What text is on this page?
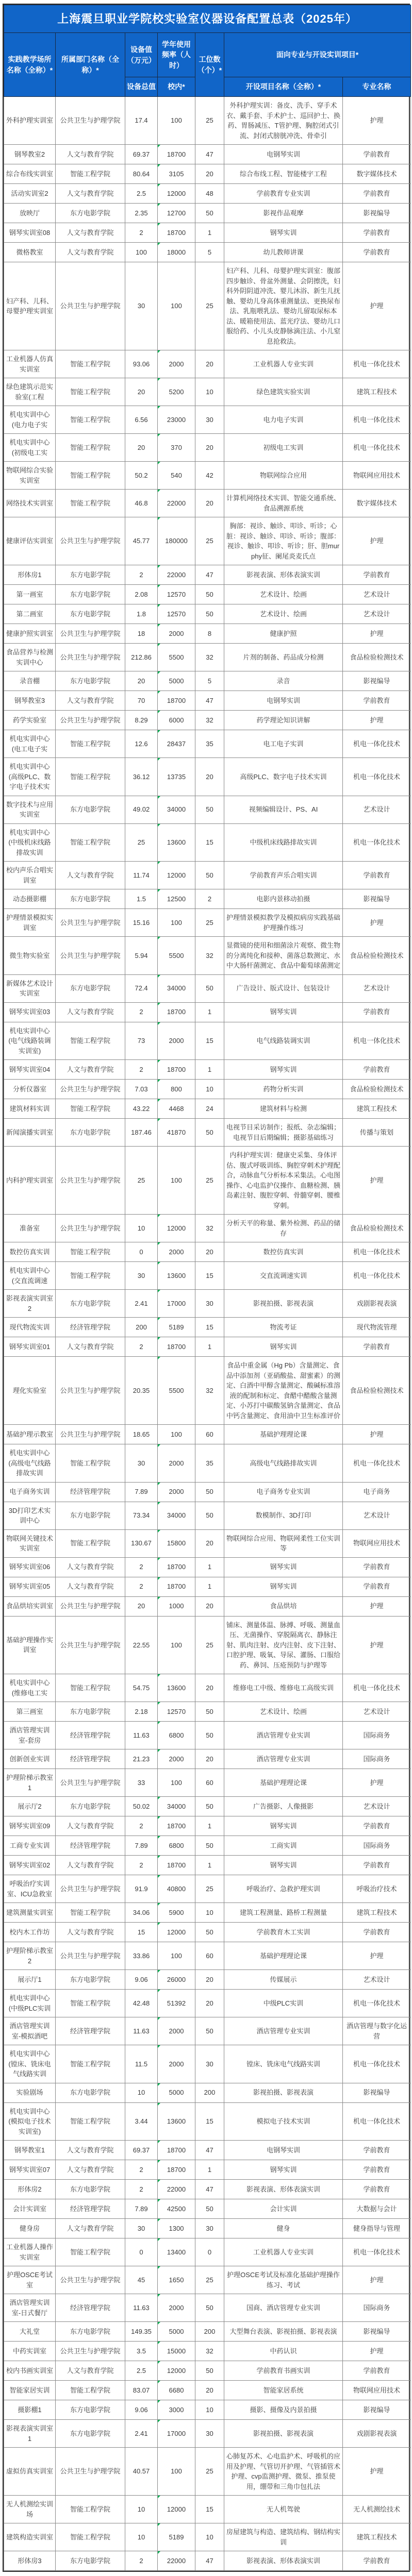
上海震旦职业学院校实验室仪器设备配置总表（2025年）						
实践教学场所名称（全称）*	所属部门名称（全称）*	设备值（万元）	学年使用频率（人时）	工位数（个）*	面向专业与开设实训项目*	
		设备总值	校内*		开设项目名称（全称）*	专业名称
外科护理实训室	公共卫生与护理学院	17.4	100	25	外科护理实训：备皮、洗手、穿手术衣、戴手套、手术护士、巡回护士、换药、胃肠减压、T管护理、胸腔闭式引流、封闭式膀胱冲洗、骨牵引	护理
钢琴教室2	人文与教育学院	69.37	18700	47	电钢琴实训	学前教育
综合布线实训室	智能工程学院	80.64	3105	20	综合布线工程、智能楼宇工程	数字媒体技术
活动实训室2	人文与教育学院	2.5	12000	48	学前教育专业实训	学前教育
放映厅	东方电影学院	2.35	12700	50	影视作品观摩	影视编导
钢琴实训室08	人文与教育学院	2	18700	1	钢琴实训	学前教育
微格教室	人文与教育学院	100	18000	5	幼儿教师讲课	学前教育
妇产科、儿科、母婴护理实训室	公共卫生与护理学院	30	100	25	妇产科、儿科、母婴护理实训室：腹部四步触诊、骨盆外测量、会阴擦洗，妇科外阴阴道冲洗、婴儿沐浴、新生儿抚触、婴幼儿身高体重测量法、更换尿布法、乳瓶喂乳法、婴幼儿留取尿标本法、暖箱使用法、蓝光疗法、婴幼儿口服给药、小儿头皮静脉滴注法、小儿窒息抢救法。	护理
工业机器人仿真实训室	智能工程学院	93.06	2000	20	工业机器人专业实训	机电一体化技术
绿色建筑示范实验室(工程	智能工程学院	20	5200	10	绿色建筑实验实训	建筑工程技术
机电实训中心(电力电子实	智能工程学院	6.56	23000	30	电力电子实训	机电一体化技术
机电实训中心(初级电工实	智能工程学院	20	370	20	初级电工实训	机电一体化技术
物联网综合实验实训室	智能工程学院	50.2	540	42	物联网综合应用	物联网应用技术
网络技术实训室	智能工程学院	46.8	22000	20	计算机网络技术实训、智能交通系统、食品溯源系统	数字媒体技术
健康评估实训室	公共卫生与护理学院	45.77	180000	25	胸部：视诊、触诊、叩诊、听诊；心脏：视诊、触诊、叩诊、听诊；腹部：视诊、触诊、叩诊、听诊；肝、胆murphy征、阑尾炎麦氏点	护理
形体房1	东方电影学院	2	22000	47	影视表演、形体表演实训	学前教育
第一画室	东方电影学院	2.08	12570	50	艺术设计、绘画	艺术设计
第二画室	东方电影学院	1.8	12570	50	艺术设计、绘画	艺术设计
健康护照实训室	公共卫生与护理学院	18	2000	8	健康护照	护理
食品营养与检测实训中心	公共卫生与护理学院	212.86	5500	32	片剂的制备、药品成分检测	食品检验检测技术
录音棚	东方电影学院	20	5000	5	录音	影视编导
钢琴教室3	人文与教育学院	70	18700	47	电钢琴实训	学前教育
药学实验室	公共卫生与护理学院	8.29	6000	32	药学理论知识讲解	护理
机电实训中心(电工电子实	智能工程学院	12.6	28437	35	电工电子实训	机电一体化技术
机电实训中心(高级PLC、数字电子技术实	智能工程学院	36.12	13735	20	高级PLC、数字电子技术实训	机电一体化技术
数字技术与应用实训室	东方电影学院	49.02	34000	50	视频编辑设计、PS、AI	艺术设计
机电实训中心(中级机床线路排故实训	智能工程学院	25	13600	15	中级机床线路排故实训	机电一体化技术
校内声乐合唱实训室	人文与教育学院	11.74	12000	50	学前教育声乐合唱实训	学前教育
动态摄影棚	东方电影学院	1.5	12500	2	电影内景移动拍摄	影视编导
护理情景模拟实训室	公共卫生与护理学院	15.16	100	25	护理情景模拟教学及模拟病房实践基础护理操作练习	护理
微生物实验室	公共卫生与护理学院	5.94	5500	32	显微镜的使用和细菌涂片观察、微生物的分离纯化和接种、菌落总数测定、水中大肠杆菌测定、食品中葡萄球菌测定	食品检验检测技术
新媒体艺术设计实训室	东方电影学院	72.4	34000	50	广告设计、版式设计、包装设计	艺术设计
钢琴实训室03	人文与教育学院	2	18700	1	钢琴实训	学前教育
机电实训中心(电气线路装调实训室)	智能工程学院	73	2000	15	电气线路装调实训	机电一体化技术
钢琴实训室04	人文与教育学院	2	18700	1	钢琴实训	学前教育
分析仪器室	公共卫生与护理学院	7.03	800	10	药物分析实训	食品检验检测技术
建筑材料实训	智能工程学院	43.22	4468	24	建筑材料与检测	建筑工程技术
新闻演播实训室	东方电影学院	187.46	41870	50	电视节目采访制作；报纸、杂志编辑；电视节目后期编辑；摄影基础练习	传播与策划
内科护理实训室	公共卫生与护理学院	25	100	25	内科护理实训：健康史采集、身体评估、腹式呼吸训练、胸腔穿刺术护理配合，动脉血气分析标本采集法。心电图操作、心电监护仪操作、血糖检测、胰岛素注射、腹腔穿刺、骨髓穿刺、腰椎穿刺。	护理
准备室	公共卫生与护理学院	10	12000	32	分析天平的称量、紫外检测、药品的储存	食品检验检测技术
数控仿真实训	智能工程学院	0	2000	20	数控仿真实训	机电一体化技术
机电实训中心(交直流调速	智能工程学院	30	13600	15	交直流调速实训	机电一体化技术
影视表演实训室2	东方电影学院	2.41	17000	30	影视拍摄、影视表演	戏剧影视表演
现代物流实训	经济管理学院	200	5189	15	物流考证	现代物流管理
钢琴实训室01	人文与教育学院	2	18700	1	钢琴实训	学前教育
理化实验室	公共卫生与护理学院	20.35	5500	32	食品中重金属（Hg Pb）含量测定、食品中添加剂（亚硝酸盐、甜蜜素）的测定、白酒中甲醇含量测定、酸碱标准溶液的配制和标定、食醋中醋酸含量测定、小苏打中碳酸氢钠含量测定、食品中钙含量测定、食用油中卫生标准评价	食品检验检测技术
基础护理示教室	公共卫生与护理学院	18.65	100	60	基础护理理论课	护理
机电实训中心(高级电气线路排故实训	智能工程学院	30	2000	35	高级电气线路排故实训	机电一体化技术
电子商务实训	经济管理学院	7.89	2000	50	电子商务专业实训	电子商务
3D打印艺术实训中心	东方电影学院	73.34	34000	50	数模制作、3D打印	艺术设计
物联网关键技术实训室	智能工程学院	130.67	15800	20	物联网综合应用、物联网柔性工位实训等	物联网应用技术
钢琴实训室06	人文与教育学院	2	18700	1	钢琴实训	学前教育
钢琴实训室05	人文与教育学院	2	18700	1	钢琴实训	学前教育
食品烘培实训室	公共卫生与护理学院	20	1000	20	食品烘培	护理
基础护理操作实训室	公共卫生与护理学院	22.55	100	25	铺床、测量体温、脉搏、呼吸、测量血压、无菌操作、穿脱隔离衣、静脉注射、肌肉注射、皮内注射、皮下注射、口腔护理、吸氧、导尿、灌肠、口服给药、鼻饲、压疮预防与护理等	护理
机电实训中心(维修电工实	智能工程学院	54.75	13600	20	维修电工中级、维修电工高级实训	机电一体化技术
第三画室	东方电影学院	2.18	12570	50	艺术设计、绘画	艺术设计
酒店管理实训室-套房	经济管理学院	11.63	6800	50	酒店管理专业实训	国际商务
创新创业实训	经济管理学院	21.23	2000	20	酒店管理专业实训	国际商务
护理阶梯示教室1	公共卫生与护理学院	33	100	60	基础护理理论课	护理
展示厅2	东方电影学院	50.02	34000	50	广告摄影、人像摄影	艺术设计
钢琴实训室09	人文与教育学院	2	18700	1	钢琴实训	学前教育
工商专业实训	经济管理学院	7.89	6800	50	工商实训	国际商务
钢琴实训室02	人文与教育学院	2	18700	1	钢琴实训	学前教育
呼吸治疗实训室、ICU急救室	公共卫生与护理学院	91.9	40800	25	呼吸治疗、急救护理实训	呼吸治疗技术
建筑测量实训室	智能工程学院	34.06	5900	10	建筑工程测量、路桥工程测量	建筑工程技术
校内木工作坊	人文与教育学院	15	12000	50	学前教育木工实训	学前教育
护理阶梯示教室2	公共卫生与护理学院	33.86	100	60	基础护理理论课	护理
展示厅1	东方电影学院	9.06	26000	20	传媒展示	艺术设计
机电实训中心(中级PLC实训	智能工程学院	42.48	51392	20	中级PLC实训	机电一体化技术
酒店管理实训室-模拟酒吧	经济管理学院	11.63	2000	50	酒店管理专业实训	酒店管理与数字化运营
机电实训中心(镗床、铣床电气线路实训	智能工程学院	11.5	2000	30	镗床、铣床电气线路实训	机电一体化技术
实验剧场	东方电影学院	10	5000	200	影视拍摄、影视表演	影视编导
机电实训中心(模拟电子技术实训室)	智能工程学院	3.44	13600	15	模拟电子技术实训	机电一体化技术
钢琴教室1	人文与教育学院	69.37	18700	47	电钢琴实训	学前教育
钢琴实训室07	人文与教育学院	2	18700	1	钢琴实训	学前教育
形体房2	东方电影学院	2	22000	47	影视表演、形体表演实训	学前教育
会计实训室	经济管理学院	7.89	42500	50	会计实训	大数据与会计
健身房	人文与教育学院	30	1300	30	健身	健身指导与管理
工业机器人操作实训室	智能工程学院	0	13400	0	工业机器人专业实训	机电一体化技术
护理OSCE考试室	公共卫生与护理学院	45	1650	25	护理OSCE考试及标准化基础护理操作练习、考试	护理
酒店管理实训室-日式餐厅	经济管理学院	11.63	2000	50	国商、酒店管理专业实训	国际商务
大礼堂	东方电影学院	149.35	5000	200	大型舞台表演、影视拍摄、影视表演	影视编导
中药实训室	公共卫生与护理学院	3.5	15000	32	中药认识	护理
校内书画实训室	人文与教育学院	2.5	12000	50	学前教育书画实训	学前教育
智能家居实训	智能工程学院	83.07	6680	20	智能家居系统	物联网应用技术
摄影棚1	东方电影学院	9.06	3000	10	摄影、摄像及内景拍摄	影视编导
影视表演实训室1	东方电影学院	2.41	17000	30	影视拍摄、影视表演	戏剧影视表演
虚拟仿真实训室	公共卫生与护理学院	40.57	100	25	心肺复苏术、心电监护术、呼吸机的应用及护理、气管切开护理、气管插管术护理、cvp监测护理、微泵、推泵使用，绷带和三角巾包扎法	护理
无人机测绘实训场	智能工程学院	10	12000	15	无人机驾驶	无人机测绘技术
建筑构造实训室	智能工程学院	10	5189	10	房屋建筑与构造、建筑结构、钢结构实训	建筑工程技术
形体房3	东方电影学院	2	22000	47	影视表演、形体表演实训	学前教育
